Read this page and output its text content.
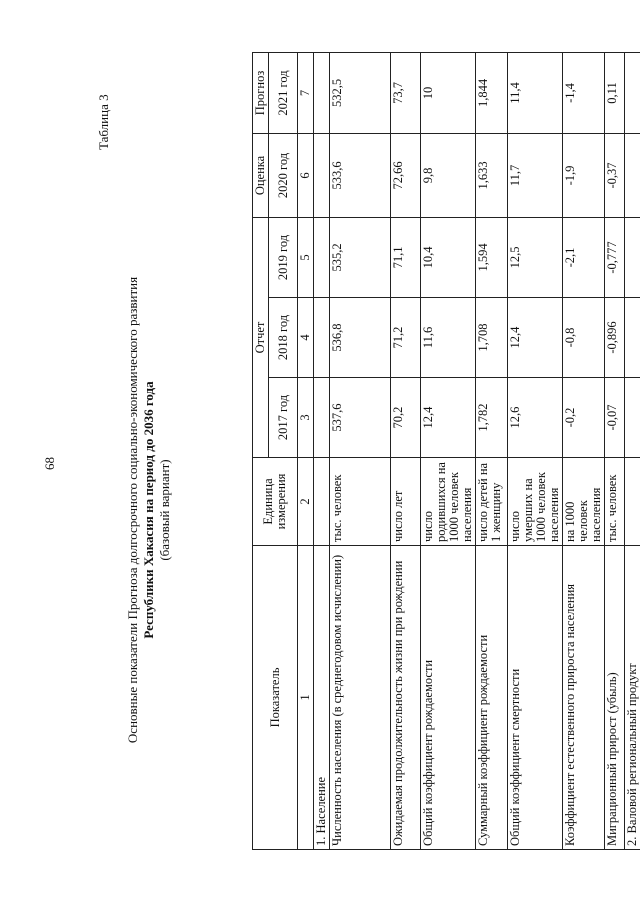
68
Таблица 3
Основные показатели Прогноза долгосрочного социально-экономического развития Республики Хакасия на период до 2036 года (базовый вариант)
Показатель	Единица измерения	Отчет			Оценка	Прогноз
		2017 год	2018 год	2019 год	2020 год	2021 год
1	2	3	4	5	6	7
1. Население						
Численность населения (в среднегодовом исчислении)	тыс. человек	537,6	536,8	535,2	533,6	532,5
Ожидаемая продолжительность жизни при рождении	число лет	70,2	71,2	71,1	72,66	73,7
Общий коэффициент рождаемости	число родившихся на 1000 человек населения	12,4	11,6	10,4	9,8	10
Суммарный коэффициент рождаемости	число детей на 1 женщину	1,782	1,708	1,594	1,633	1,844
Общий коэффициент смертности	число умерших на 1000 человек населения	12,6	12,4	12,5	11,7	11,4
Коэффициент естественного прироста населения	на 1000 человек населения	-0,2	-0,8	-2,1	-1,9	-1,4
Миграционный прирост (убыль)	тыс. человек	-0,07	-0,896	-0,777	-0,37	0,11
2. Валовой региональный продукт						
